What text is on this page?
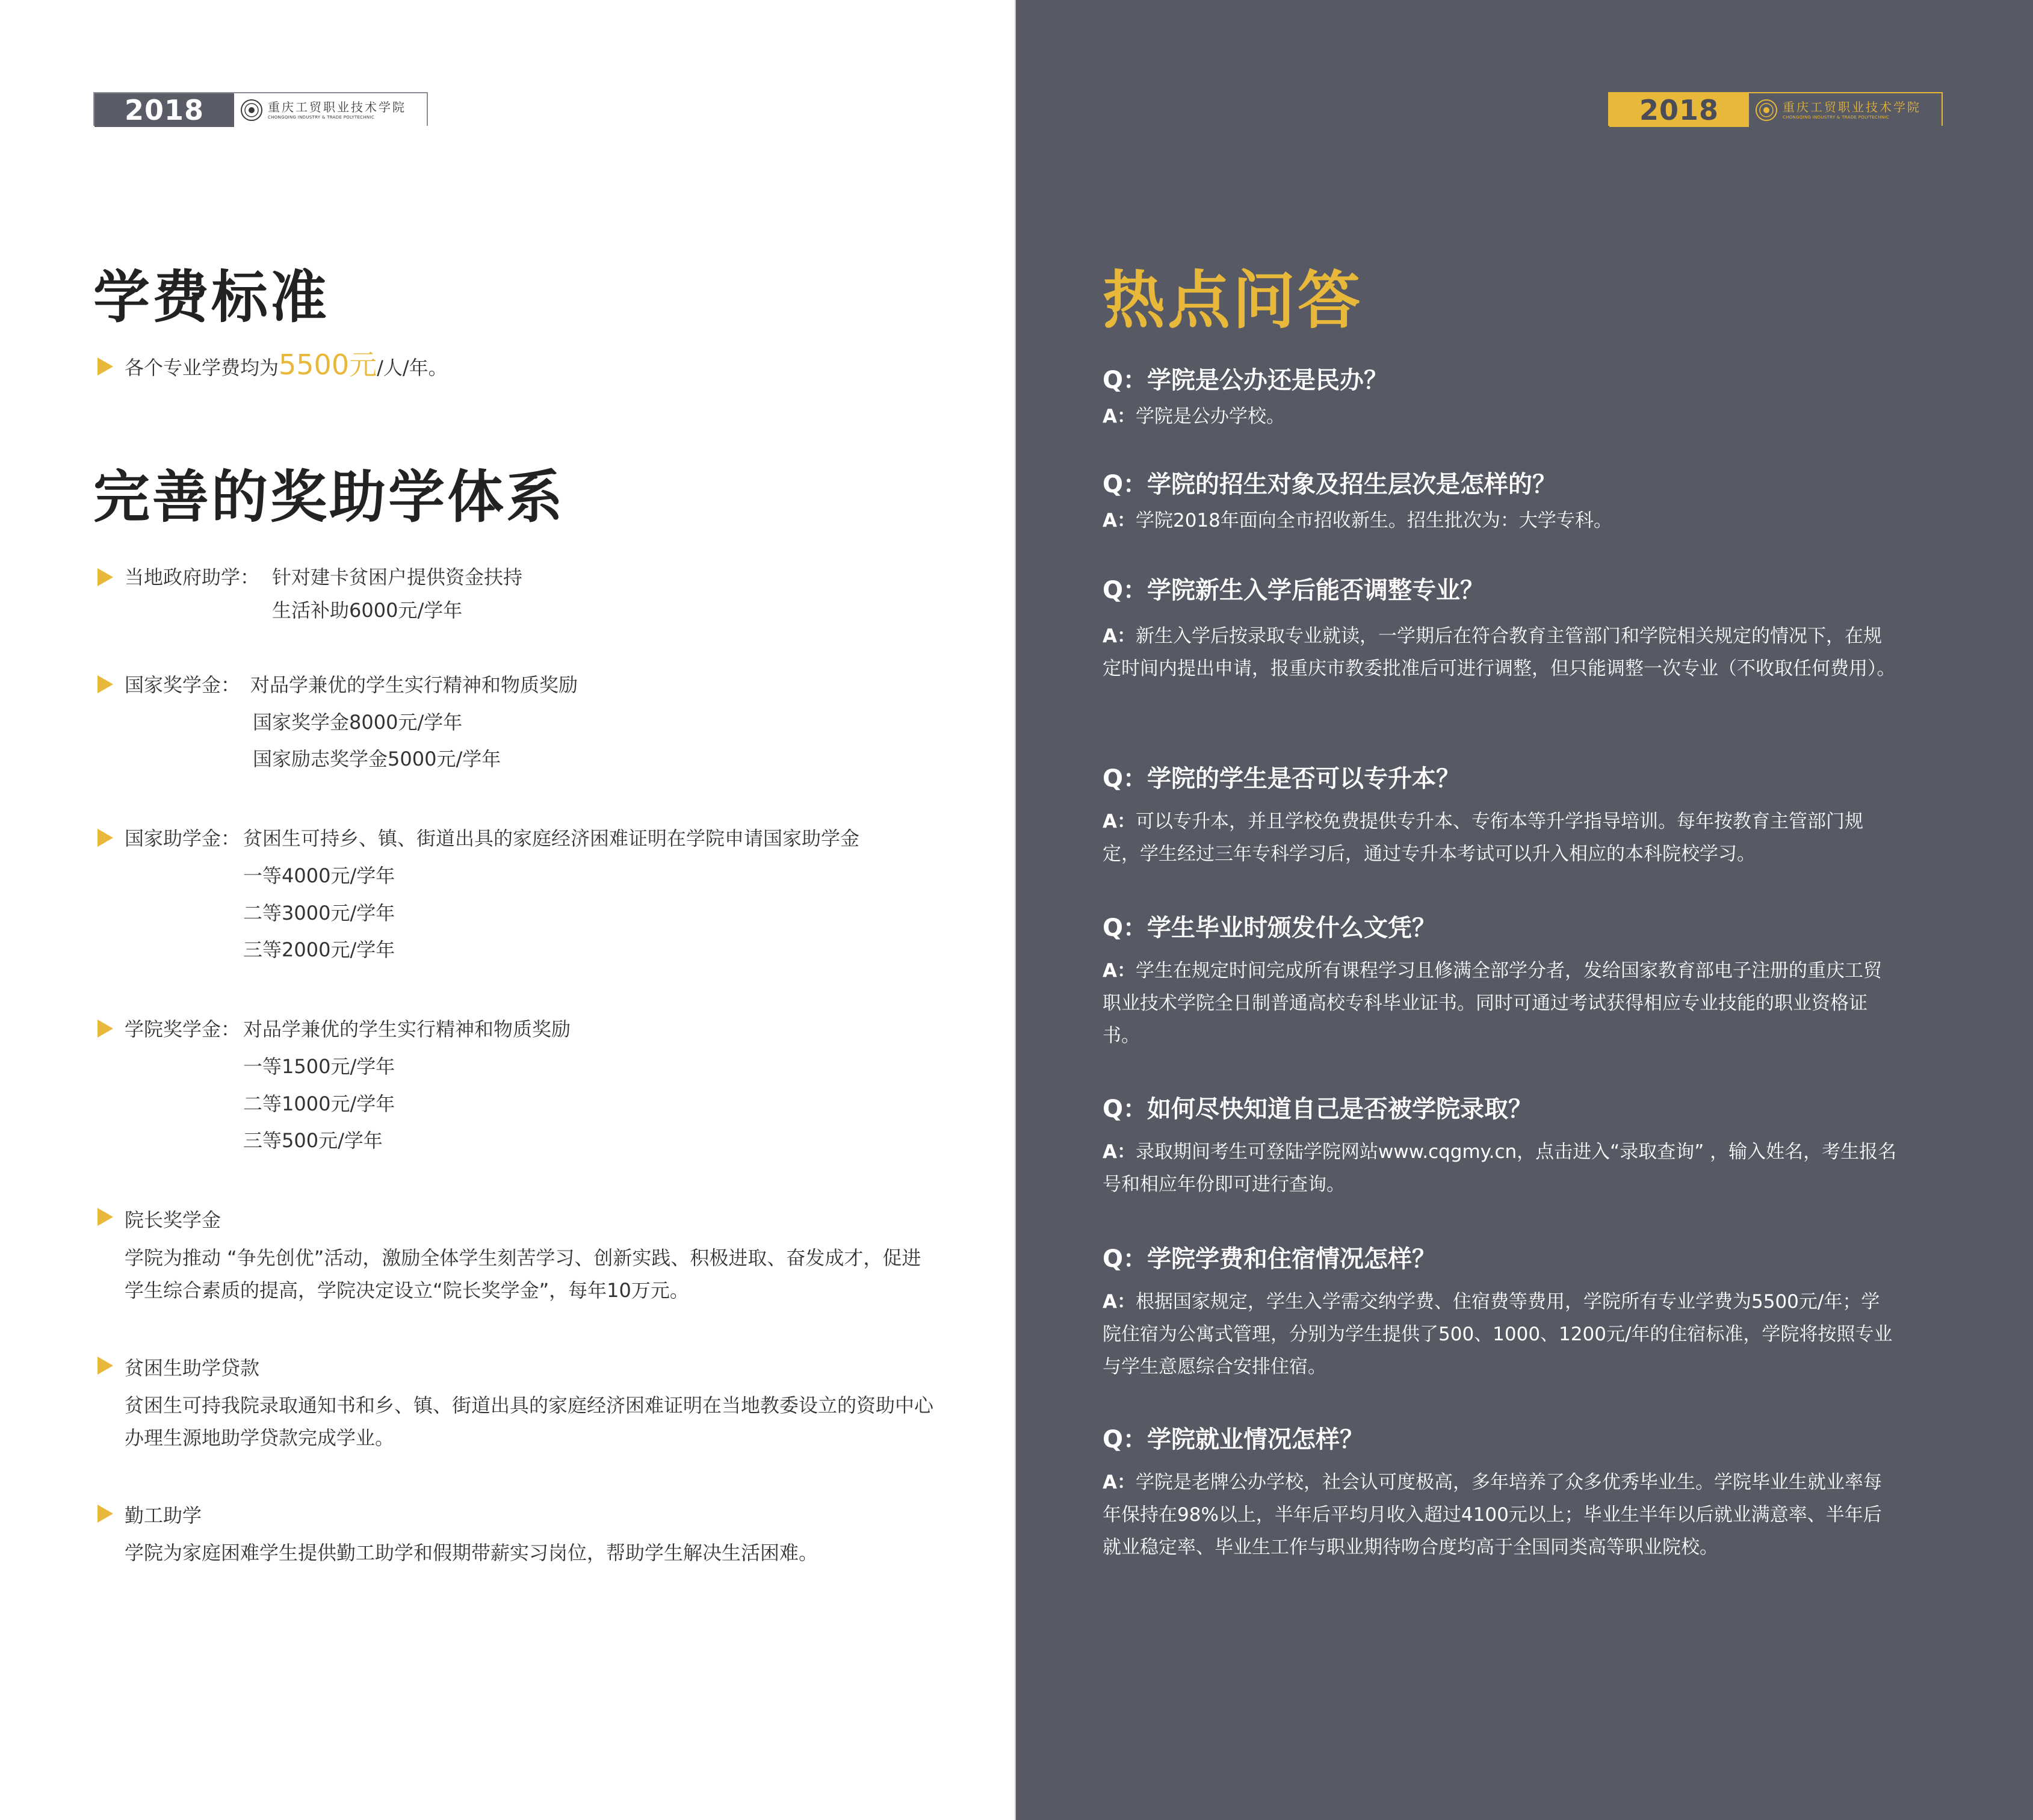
2018	重庆工贸职业技术学院
CHONGQING INDUSTRY & TRADE POLYTECHNIC
学费标准
各个专业学费均为5500元/人/年。
完善的奖助学体系
当地政府助学： 针对建卡贫困户提供资金扶持
生活补助6000元/学年
国家奖学金： 对品学兼优的学生实行精神和物质奖励
国家奖学金8000元/学年
国家励志奖学金5000元/学年
国家助学金： 贫困生可持乡、镇、街道出具的家庭经济困难证明在学院申请国家助学金
一等4000元/学年
二等3000元/学年
三等2000元/学年
学院奖学金： 对品学兼优的学生实行精神和物质奖励
一等1500元/学年
二等1000元/学年
三等500元/学年
院长奖学金
学院为推动 “争先创优”活动，激励全体学生刻苦学习、创新实践、积极进取、奋发成才，促进学生综合素质的提高，学院决定设立“院长奖学金”，每年10万元。
贫困生助学贷款
贫困生可持我院录取通知书和乡、镇、街道出具的家庭经济困难证明在当地教委设立的资助中心办理生源地助学贷款完成学业。
勤工助学
学院为家庭困难学生提供勤工助学和假期带薪实习岗位，帮助学生解决生活困难。
2018	重庆工贸职业技术学院
CHONGQING INDUSTRY & TRADE POLYTECHNIC
热点问答
Q：学院是公办还是民办？
A：学院是公办学校。
Q：学院的招生对象及招生层次是怎样的？
A：学院2018年面向全市招收新生。招生批次为：大学专科。
Q：学院新生入学后能否调整专业？
A：新生入学后按录取专业就读，一学期后在符合教育主管部门和学院相关规定的情况下，在规定时间内提出申请，报重庆市教委批准后可进行调整，但只能调整一次专业（不收取任何费用）。
Q：学院的学生是否可以专升本？
A：可以专升本，并且学校免费提供专升本、专衔本等升学指导培训。每年按教育主管部门规定，学生经过三年专科学习后，通过专升本考试可以升入相应的本科院校学习。
Q：学生毕业时颁发什么文凭？
A：学生在规定时间完成所有课程学习且修满全部学分者，发给国家教育部电子注册的重庆工贸职业技术学院全日制普通高校专科毕业证书。同时可通过考试获得相应专业技能的职业资格证书。
Q：如何尽快知道自己是否被学院录取？
A：录取期间考生可登陆学院网站www.cqgmy.cn，点击进入“录取查询” ，输入姓名，考生报名号和相应年份即可进行查询。
Q：学院学费和住宿情况怎样？
A：根据国家规定，学生入学需交纳学费、住宿费等费用，学院所有专业学费为5500元/年；学院住宿为公寓式管理，分别为学生提供了500、1000、1200元/年的住宿标准，学院将按照专业与学生意愿综合安排住宿。
Q：学院就业情况怎样？
A：学院是老牌公办学校，社会认可度极高，多年培养了众多优秀毕业生。学院毕业生就业率每年保持在98%以上，半年后平均月收入超过4100元以上；毕业生半年以后就业满意率、半年后就业稳定率、毕业生工作与职业期待吻合度均高于全国同类高等职业院校。
